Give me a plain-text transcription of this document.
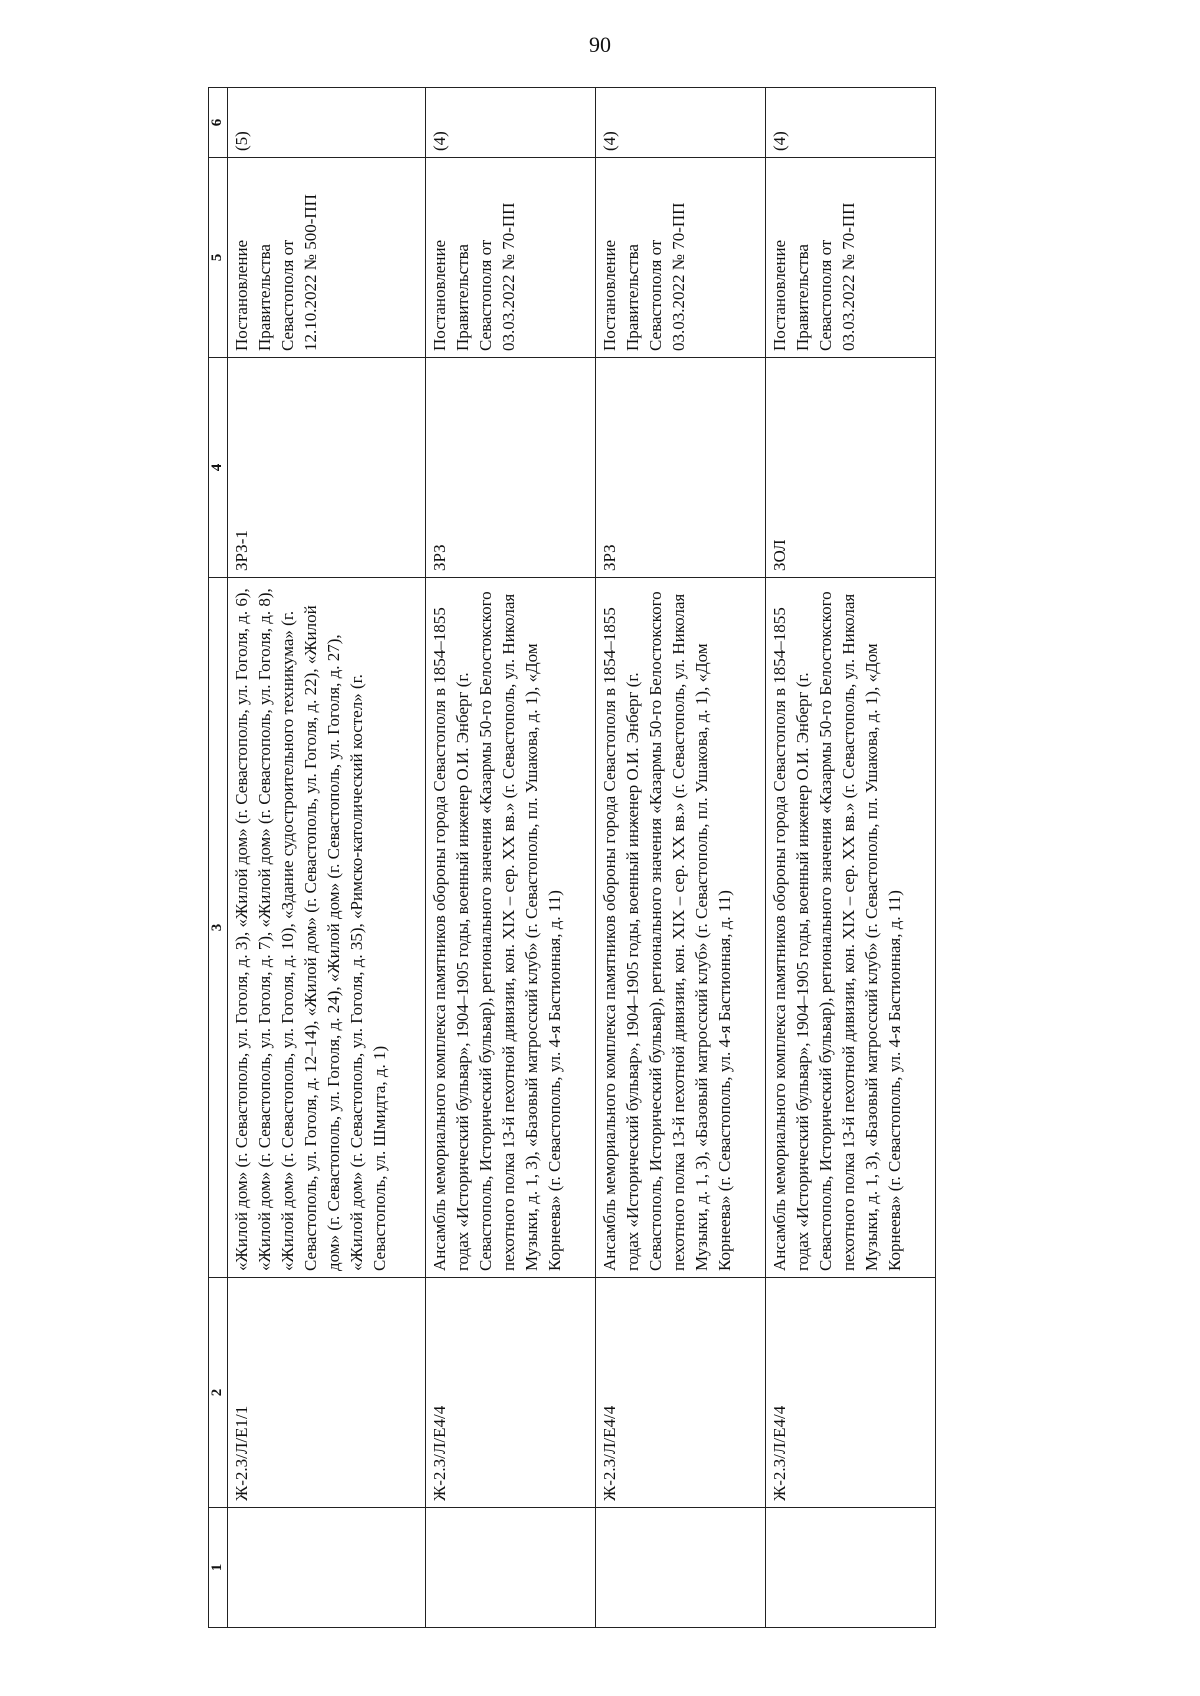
90
1	2	3	4	5	6
	Ж-2.3/Л/Е1/1	«Жилой дом» (г. Севастополь, ул. Гоголя, д. 3), «Жилой дом» (г. Севастополь, ул. Гоголя, д. 6), «Жилой дом» (г. Севастополь, ул. Гоголя, д. 7), «Жилой дом» (г. Севастополь, ул. Гоголя, д. 8), «Жилой дом» (г. Севастополь, ул. Гоголя, д. 10), «Здание судостроительного техникума» (г. Севастополь, ул. Гоголя, д. 12–14), «Жилой дом» (г. Севастополь, ул. Гоголя, д. 22), «Жилой дом» (г. Севастополь, ул. Гоголя, д. 24), «Жилой дом» (г. Севастополь, ул. Гоголя, д. 27), «Жилой дом» (г. Севастополь, ул. Гоголя, д. 35), «Римско-католический костел» (г. Севастополь, ул. Шмидта, д. 1)	ЗРЗ-1	Постановление Правительства Севастополя от 12.10.2022 № 500-ПП	(5)
	Ж-2.3/Л/Е4/4	Ансамбль мемориального комплекса памятников обороны города Севастополя в 1854–1855 годах «Исторический бульвар», 1904–1905 годы, военный инженер О.И. Энберг (г. Севастополь, Исторический бульвар), регионального значения «Казармы 50-го Белостокского пехотного полка 13-й пехотной дивизии, кон. XIX – сер. XX вв.» (г. Севастополь, ул. Николая Музыки, д. 1, 3), «Базовый матросский клуб» (г. Севастополь, пл. Ушакова, д. 1), «Дом Корнеева» (г. Севастополь, ул. 4-я Бастионная, д. 11)	ЗРЗ	Постановление Правительства Севастополя от 03.03.2022 № 70-ПП	(4)
	Ж-2.3/Л/Е4/4	Ансамбль мемориального комплекса памятников обороны города Севастополя в 1854–1855 годах «Исторический бульвар», 1904–1905 годы, военный инженер О.И. Энберг (г. Севастополь, Исторический бульвар), регионального значения «Казармы 50-го Белостокского пехотного полка 13-й пехотной дивизии, кон. XIX – сер. XX вв.» (г. Севастополь, ул. Николая Музыки, д. 1, 3), «Базовый матросский клуб» (г. Севастополь, пл. Ушакова, д. 1), «Дом Корнеева» (г. Севастополь, ул. 4-я Бастионная, д. 11)	ЗРЗ	Постановление Правительства Севастополя от 03.03.2022 № 70-ПП	(4)
	Ж-2.3/Л/Е4/4	Ансамбль мемориального комплекса памятников обороны города Севастополя в 1854–1855 годах «Исторический бульвар», 1904–1905 годы, военный инженер О.И. Энберг (г. Севастополь, Исторический бульвар), регионального значения «Казармы 50-го Белостокского пехотного полка 13-й пехотной дивизии, кон. XIX – сер. XX вв.» (г. Севастополь, ул. Николая Музыки, д. 1, 3), «Базовый матросский клуб» (г. Севастополь, пл. Ушакова, д. 1), «Дом Корнеева» (г. Севастополь, ул. 4-я Бастионная, д. 11)	ЗОЛ	Постановление Правительства Севастополя от 03.03.2022 № 70-ПП	(4)
